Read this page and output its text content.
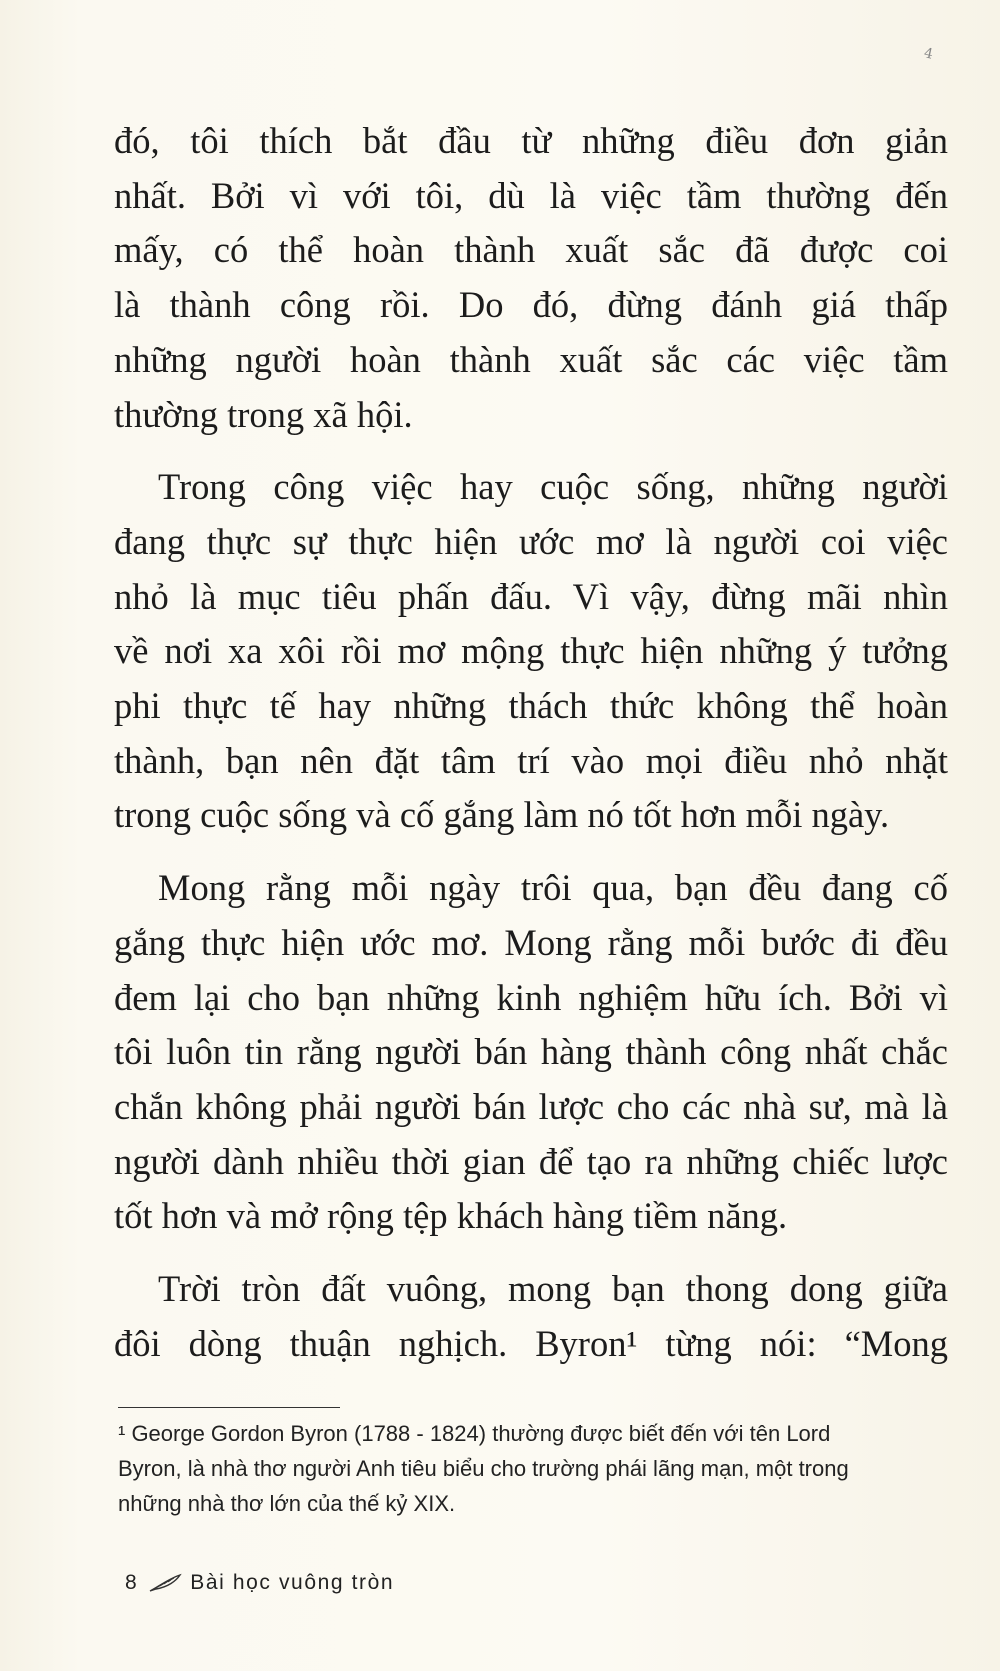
4
đó, tôi thích bắt đầu từ những điều đơn giản
nhất. Bởi vì với tôi, dù là việc tầm thường đến
mấy, có thể hoàn thành xuất sắc đã được coi
là thành công rồi. Do đó, đừng đánh giá thấp
những người hoàn thành xuất sắc các việc tầm
thường trong xã hội.
Trong công việc hay cuộc sống, những người
đang thực sự thực hiện ước mơ là người coi việc
nhỏ là mục tiêu phấn đấu. Vì vậy, đừng mãi nhìn
về nơi xa xôi rồi mơ mộng thực hiện những ý tưởng
phi thực tế hay những thách thức không thể hoàn
thành, bạn nên đặt tâm trí vào mọi điều nhỏ nhặt
trong cuộc sống và cố gắng làm nó tốt hơn mỗi ngày.
Mong rằng mỗi ngày trôi qua, bạn đều đang cố
gắng thực hiện ước mơ. Mong rằng mỗi bước đi đều
đem lại cho bạn những kinh nghiệm hữu ích. Bởi vì
tôi luôn tin rằng người bán hàng thành công nhất chắc
chắn không phải người bán lược cho các nhà sư, mà là
người dành nhiều thời gian để tạo ra những chiếc lược
tốt hơn và mở rộng tệp khách hàng tiềm năng.
Trời tròn đất vuông, mong bạn thong dong giữa
đôi dòng thuận nghịch. Byron¹ từng nói: “Mong
¹ George Gordon Byron (1788 - 1824) thường được biết đến với tên Lord
Byron, là nhà thơ người Anh tiêu biểu cho trường phái lãng mạn, một trong
những nhà thơ lớn của thế kỷ XIX.
8 Bài học vuông tròn
